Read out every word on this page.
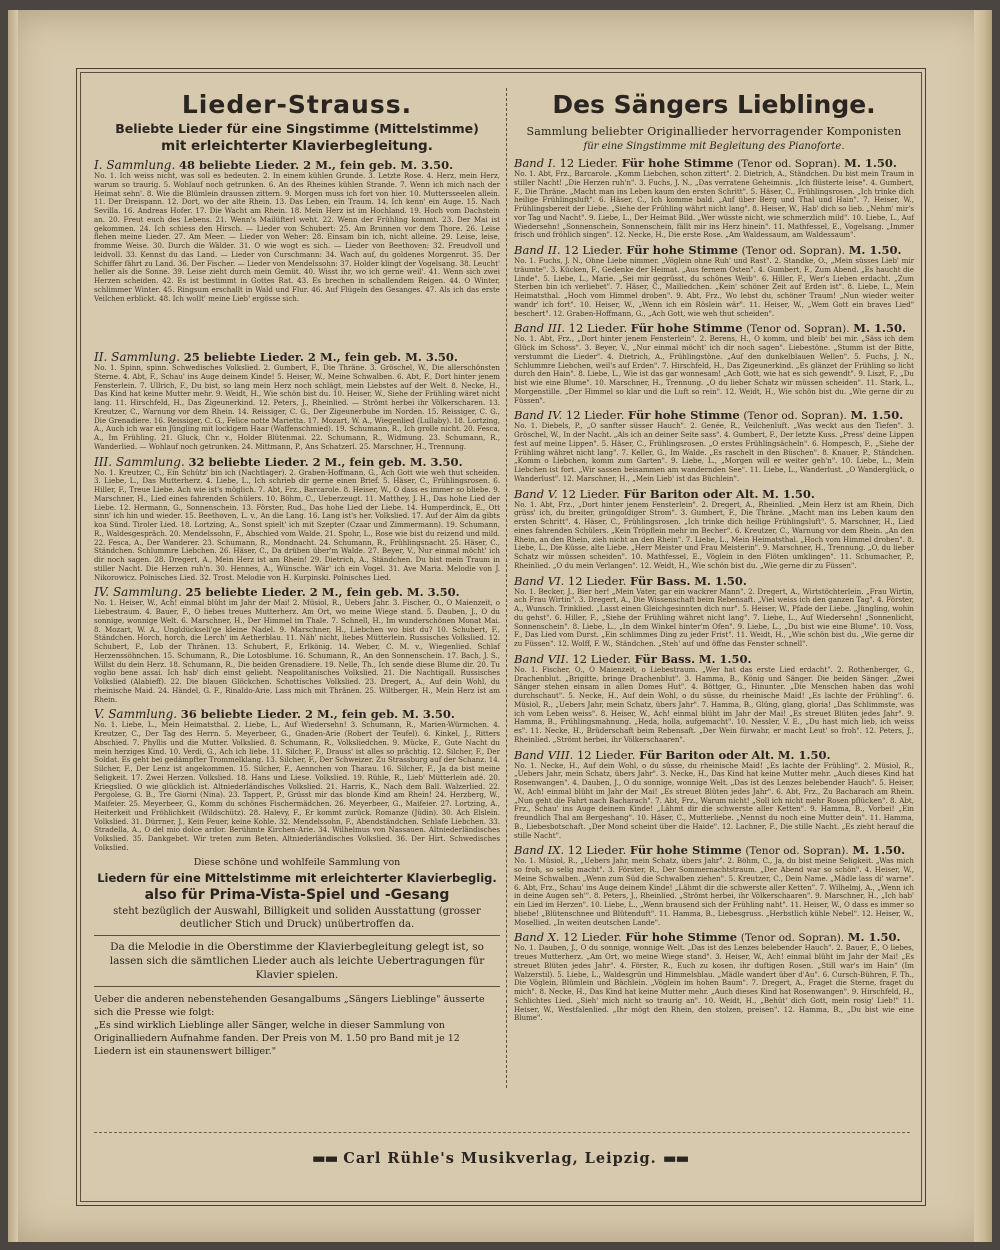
Lieder-Strauss.
Beliebte Lieder für eine Singstimme (Mittelstimme)
mit erleichterter Klavierbegleitung.
I. Sammlung. 48 beliebte Lieder. 2 M., fein geb. M. 3.50.
No. 1. Ich weiss nicht, was soll es bedeuten. 2. In einem kühlen Grunde. 3. Letzte Rose. 4. Herz, mein Herz, warum so traurig. 5. Wohlauf noch getrunken. 6. An des Rheines kühlen Strande. 7. Wenn ich mich nach der Heimat sehn'. 8. Wie die Blümlein draussen zittern. 9. Morgen muss ich fort von hier. 10. Muttersseelen allein. 11. Der Dreispann. 12. Dort, wo der alte Rhein. 13. Das Leben, ein Traum. 14. Ich kenn' ein Auge. 15. Nach Sevilla. 16. Andreas Hofer. 17. Die Wacht am Rhein. 18. Mein Herz ist im Hochland. 19. Hoch vom Dachstein an. 20. Freut euch des Lebens. 21. Wenn's Mailüfterl weht. 22. Wenn der Frühling kommt. 23. Der Mai ist gekommen. 24. Ich schiess den Hirsch. — Lieder von Schubert: 25. Am Brunnen vor dem Thore. 26. Leise flehen meine Lieder. 27. Am Meer. — Lieder von Weber: 28. Einsam bin ich, nicht alleine. 29. Leise, leise, fromme Weise. 30. Durch die Wälder. 31. O wie wogt es sich. — Lieder von Beethoven: 32. Freudvoll und leidvoll. 33. Kennst du das Land. — Lieder von Curschmann: 34. Wach auf, du goldenes Morgenrot. 35. Der Schiffer fährt zu Land. 36. Der Fischer. — Lieder von Mendelssohn: 37. Holder klingt der Vogelsang. 38. Leucht' heller als die Sonne. 39. Leise zieht durch mein Gemüt. 40. Wisst ihr, wo ich gerne weil'. 41. Wenn sich zwei Herzen scheiden. 42. Es ist bestimmt in Gottes Rat. 43. Es brechen in schallendem Reigen. 44. O Winter, schlimmer Winter. 45. Ringsum erschallt in Wald und Flur. 46. Auf Flügeln des Gesanges. 47. Als ich das erste Veilchen erblickt. 48. Ich wollt' meine Lieb' ergösse sich.
II. Sammlung. 25 beliebte Lieder. 2 M., fein geb. M. 3.50.
No. 1. Spinn, spinn. Schwedisches Volkslied. 2. Gumbert, F., Die Thräne. 3. Gröschel, W., Die allerschönsten Sterne. 4. Abt, F., Schau' ins Auge deinem Kinde! 5. Heiser, W., Meine Schwalben. 6. Abt, F., Dort hinter jenem Fensterlein. 7. Ullrich, F., Du bist, so lang mein Herz noch schlägt, mein Liebstes auf der Welt. 8. Necke, H., Das Kind hat keine Mutter mehr. 9. Weidt, H., Wie schön bist du. 10. Heiser, W., Siehe der Frühling wäret nicht lang. 11. Hirschfeld, H., Das Zigeunerkind. 12. Peters, J., Rheinlied. — Strömt herbei ihr Völkerscharen. 13. Kreutzer, C., Warnung vor dem Rhein. 14. Reissiger, C. G., Der Zigeunerbube im Norden. 15. Reissiger, C. G., Die Grenadiere. 16. Reissiger, C. G., Felice notte Marietta. 17. Mozart, W. A., Wiegenlied (Lullaby). 18. Lortzing, A., Auch ich war ein Jüngling mit lockigem Haar (Waffenschmied). 19. Schumann, R., Ich grolle nicht. 20. Fesca, A., Im Frühling. 21. Gluck, Chr. v., Holder Blütenmai. 22. Schumann, R., Widmung. 23. Schumann, R., Wanderlied. — Wohlauf noch getrunken. 24. Mittmann, P., Ans Schatzerl. 25. Marschner, H., Trennung.
III. Sammlung. 32 beliebte Lieder. 2 M., fein geb. M. 3.50.
No. 1. Kreutzer, C., Ein Schütz' bin ich (Nachtlager). 2. Graben-Hoffmann, G., Ach Gott wie weh thut scheiden. 3. Liebe, L., Das Mutterherz. 4. Liebe, L., Ich schrieb dir gerne einen Brief. 5. Häser, C., Frühlingsrosen. 6. Hiller, F., Treue Liebe. Ach wie ist's möglich. 7. Abt, Frz., Barcarole. 8. Heiser, W., O dass es immer so bliebe. 9. Marschner, H., Lied eines fahrenden Schülers. 10. Böhm, C., Ueberzeugt. 11. Matthey, J. H., Das hohe Lied der Liebe. 12. Hermann, G., Sonnenschein. 13. Förster, Rud., Das hohe Lied der Liebe. 14. Humperdinck, E., Ott sinn' ich hin und wieder. 15. Beethoven, L. v., An die Lang. 16. Lang ist's her. Volkslied. 17. Auf der Alm da gibts koa Sünd. Tiroler Lied. 18. Lortzing, A., Sonst spielt' ich mit Szepter (Czaar und Zimmermann). 19. Schumann, R., Waldesgespräch. 20. Mendelssohn, F., Abschied vom Walde. 21. Spohr, L., Rose wie bist du reizend und mild. 22. Fesca, A., Der Wanderer. 23. Schumann, R., Mondnacht. 24. Schumann, R., Frühlingsnacht. 25. Häser, C., Ständchen. Schlummre Liebchen. 26. Häser, C., Da drüben über'm Walde. 27. Beyer, V., Nur einmal möcht' ich dir noch sagen. 28. Dregert, A., Mein Herz ist am Rhein! 29. Dietrich, A., Ständchen. Du bist mein Traum in stiller Nacht. Die Herzen ruh'n. 30. Hennes, A., Wünsche. Wär' ich ein Vogel. 31. Ave Maria. Melodie von J. Nikorowicz. Polnisches Lied. 32. Trost. Melodie von H. Kurpinski. Polnisches Lied.
IV. Sammlung. 25 beliebte Lieder. 2 M., fein geb. M. 3.50.
No. 1. Heiser, W., Ach! einmal blüht im Jahr der Mai! 2. Müsiol, R., Uebers Jahr. 3. Fischer, O., O Maienzeit, o Liebestraum. 4. Bauer, F., O liebes treues Mutterherz. Am Ort, wo meine Wiege stand. 5. Dauben, J., O du sonnige, wonnige Welt. 6. Marschner, H., Der Himmel im Thale. 7. Schnell, H., Im wunderschönen Monat Mai. 8. Mozart, W. A., Ungldückseli'ge kleine Nadel. 9. Marschner, H., Liebchen wo bist du? 10. Schubert, F., Ständchen. Horch, horch, die Lerch' im Aetherblau. 11. Näh' nicht, liebes Mütterlein. Russisches Volkslied. 12. Schubert, F., Lob der Thränen. 13. Schubert, F., Erlkönig. 14. Weber, C. M. v., Wiegenlied. Schlaf Herzenssöhnchen. 15. Schumann, R., Die Lotosblume. 16. Schumann, R., An den Sonnenschein. 17. Bach, J. S., Willst du dein Herz. 18. Schumann, R., Die beiden Grenadiere. 19. Nelle, Th., Ich sende diese Blume dir. 20. Tu voglio bene assai. Ich hab' dich einst geliebt. Neapolitanisches Volkslied. 21. Die Nachtigall. Russisches Volkslied (Alabieff). 22. Die blauen Glöckchen. Schottisches Volkslied. 23. Dregert, A., Auf dein Wohl, du rheinische Maid. 24. Händel, G. F., Rinaldo-Arie. Lass mich mit Thränen. 25. Wiltberger, H., Mein Herz ist am Rhein.
V. Sammlung. 36 beliebte Lieder. 2 M., fein geb. M. 3.50.
No. 1. Liebe, L., Mein Heimatsthal. 2. Liebe, L., Auf Wiedersehn! 3. Schumann, R., Marien-Würmchen. 4. Kreutzer, C., Der Tag des Herrn. 5. Meyerbeer, G., Gnaden-Arie (Robert der Teufel). 6. Kinkel, J., Ritters Abschied. 7. Phyllis und die Mutter. Volkslied. 8. Schumann, R., Volksliedchen. 9. Mücke, F., Gute Nacht du mein herziges Kind. 10. Verdi, G., Ach ich liebe. 11. Silcher, F., Drauss' ist alles so prächtig. 12. Silcher, F., Der Soldat. Es geht bei gedämpfter Trommelklang. 13. Silcher, F., Der Schweizer. Zu Strassburg auf der Schanz. 14. Silcher, F., Der Lenz ist angekommen. 15. Silcher, F., Aennchen von Tharau. 16. Silcher, F., Ja da bist meine Seligkeit. 17. Zwei Herzen. Volkslied. 18. Hans und Liese. Volkslied. 19. Rühle, R., Lieb' Mütterlein adé. 20. Kriegslied. O wie glücklich ist. Altniederländisches Volkslied. 21. Harris, K., Nach dem Ball. Walzerlied. 22. Pergolese, G. B., Tre Giorni (Nina). 23. Tappert, P., Grüsst mir das blonde Kind am Rhein! 24. Herzberg, W., Maifeier. 25. Meyerbeer, G., Komm du schönes Fischermädchen. 26. Meyerbeer, G., Maifeier. 27. Lortzing, A., Heiterkeit und Fröhlichkeit (Wildschütz). 28. Halevy, F., Er kommt zurück. Romanze (Jüdin). 30. Ach Elslein. Volkslied. 31. Dürrner, J., Kein Feuer, keine Kohle. 32. Mendelssohn, F., Abendständchen. Schlafe Liebchen. 33. Stradella, A., O del mio dolce ardor. Berühmte Kirchen-Arie. 34. Wilhelmus von Nassauen. Altniederländisches Volkslied. 35. Dankgebet. Wir treten zum Beten. Altniederländisches Volkslied. 36. Der Hirt. Schwedisches Volkslied.
Diese schöne und wohlfeile Sammlung von
Liedern für eine Mittelstimme mit erleichterter Klavierbeglig.
also für Prima-Vista-Spiel und -Gesang
steht bezüglich der Auswahl, Billigkeit und soliden Ausstattung (grosser deutlicher Stich und Druck) unübertroffen da.
Da die Melodie in die Oberstimme der Klavierbegleitung gelegt ist, so lassen sich die sämtlichen Lieder auch als leichte Uebertragungen für Klavier spielen.
Ueber die anderen nebenstehenden Gesangalbums „Sängers Lieblinge" äusserte sich die Presse wie folgt:
„Es sind wirklich Lieblinge aller Sänger, welche in dieser Sammlung von Originalliedern Aufnahme fanden. Der Preis von M. 1.50 pro Band mit je 12 Liedern ist ein staunenswert billiger."
Des Sängers Lieblinge.
Sammlung beliebter Originallieder hervorragender Komponisten
für eine Singstimme mit Begleitung des Pianoforte.
Band I. 12 Lieder. Für hohe Stimme (Tenor od. Sopran). M. 1.50.
No. 1. Abt, Frz., Barcarole. „Komm Liebchen, schon zittert". 2. Dietrich, A., Ständchen. Du bist mein Traum in stiller Nacht! „Die Herzen ruh'n". 3. Fuchs, J. N., „Das verratene Geheimnis. „Ich flüsterte leise". 4. Gumbert, F., Die Thräne. „Macht man ins Leben kaum den ersten Schritt". 5. Häser, C., Frühlingsrosen. „Ich trinke dich heilige Frühlingsluft". 6. Häser, C., Ich komme bald. „Auf über Berg und Thal und Hain". 7. Heiser, W., Frühlingsbereit der Liebe. „Siehe der Frühling währt nicht lang". 8. Heiser, W., Hab' dich so lieb. „Nehm' mir's vor Tag und Nacht". 9. Liebe, L., Der Heimat Bild. „Wer wüsste nicht, wie schmerzlich mild". 10. Liebe, L., Auf Wiedersehn! „Sonnenschein, Sonnenschein, fällt mir ins Herz hinein". 11. Mathfessel, E., Vogelsang. „Immer frisch und fröhlich singen". 12. Necke, H., Die erste Rose. „Am Waldessaum, am Waldessaum".
Band II. 12 Lieder. Für hohe Stimme (Tenor od. Sopran). M. 1.50.
No. 1. Fuchs, J. N., Ohne Liebe nimmer. „Vöglein ohne Ruh' und Rast". 2. Standke, O., „Mein süsses Lieb' mir träumte". 3. Kücken, F., Gedenke der Heimat. „Aus fernem Osten". 4. Gumbert, F., Zum Abend. „Es haucht die Linde". 5. Liebe, L., Marie. „Sei mir gegrüsst, du schönes Weib". 6. Hiller, F., Wer's Lieben erdacht. „Zum Sterben bin ich verliebet". 7. Häser, C., Mailiedchen. „Kein' schöner Zeit auf Erden ist". 8. Liebe, L., Mein Heimatsthal. „Hoch vom Himmel droben". 9. Abt, Frz., Wo lebst du, schöner Traum! „Nun wieder weiter wandr' ich fort". 10. Heiser, W., „Wenn ich ein Röslein wär". 11. Heiser, W., „Wem Gott ein braves Lied" beschert". 12. Graben-Hoffmann, G., „Ach Gott, wie weh thut scheiden".
Band III. 12 Lieder. Für hohe Stimme (Tenor od. Sopran). M. 1.50.
No. 1. Abt, Frz., „Dort hinter jenem Fensterlein". 2. Berens, H., O komm, und bleib' bei mir. „Säss ich dem Glück im Schoss". 3. Beyer, V., „Nur einmal möcht' ich dir noch sagen". Liebestöne. „Stumm ist der Bitte, verstummt die Lieder". 4. Dietrich, A., Frühlingstöne. „Auf den dunkelblauen Wellen". 5. Fuchs, J. N., Schlummre Liebchen, weil's auf Erden". 7. Hirschfeld, H., Das Zigeunerkind. „Es glänzet der Frühling so licht durch den Hain". 8. Liebe, L., Wie ist das gar wonnesam! „Ach Gott, wie hat es sich gewendt". 9. Liszt, F., „Du bist wie eine Blume". 10. Marschner, H., Trennung. „O du lieber Schatz wir müssen scheiden". 11. Stark, L., Morgenstille. „Der Himmel so klar und die Luft so rein". 12. Weidt, H., Wie schön bist du. „Wie gerne dir zu Füssen".
Band IV. 12 Lieder. Für hohe Stimme (Tenor od. Sopran). M. 1.50.
No. 1. Diebels, P., „O sanfter süsser Hauch". 2. Genée, R., Veilchenluft. „Was weckt aus den Tiefen". 3. Gröschel, W., In der Nacht. „Als ich an deiner Seite sass". 4. Gumbert, F., Der letzte Kuss. „Press' deine Lippen fest auf meine Lippen". 5. Häser, C., Frühlingsrosen. „O erstes Frühlingsächeln". 6. Hompesch, F., „Siehe der Frühling währet nicht lang". 7. Keller, G., Im Walde. „Es raschelt in den Büschen". 8. Knauer, P., Ständchen. „Komm o Liebchen, komm zum Garten". 9. Liebe, L., „Morgen will er weiter geh'n". 10. Liebe, L., Mein Liebchen ist fort. „Wir sassen beisammen am wandernden See". 11. Liebe, L., Wanderlust. „O Wanderglück, o Wanderlust". 12. Marschner, H., „Mein Lieb' ist das Büchlein".
Band V. 12 Lieder. Für Bariton oder Alt. M. 1.50.
No. 1. Abt, Frz., „Dort hinter jenem Fensterlein". 2. Dregert, A., Rheinlied. „Mein Herz ist am Rhein, Dich grüss' ich, du breiter, grüngoldiger Strom". 3. Gumbert, F., Die Thräne. „Macht man ins Leben kaum den ersten Schritt". 4. Häser, C., Frühlingsrosen. „Ich trinke dich heilige Frühlingsluft". 5. Marschner, H., Lied eines fahrenden Schülers. „Kein Tröpflein mehr im Becher". 6. Kreutzer, C., Warnung vor dem Rhein. „An den Rhein, an den Rhein, zieh nicht an den Rhein". 7. Liebe, L., Mein Heimatsthal. „Hoch vom Himmel droben". 8. Liebe, L., Die Küsse, alte Liebe. „Herr Meister und Frau Meisterin". 9. Marschner, H., Trennung. „O, du lieber Schatz wir müssen scheiden". 10. Mathfessel, E., Vöglein in den Flöten umklingen". 11. Schumacher, P., Rheinlied. „O du mein Verlangen". 12. Weidt, H., Wie schön bist du. „Wie gerne dir zu Füssen".
Band VI. 12 Lieder. Für Bass. M. 1.50.
No. 1. Becker, J., Bier her! „Mein Vater, gar ein wackrer Mann". 2. Dregert, A., Wirtstöchterlein. „Frau Wirtin, ach Frau Wirtin". 3. Dregert, A., Die Wissenschaft beim Rebensaft. „Viel weiss ich den ganzen Tag". 4. Förster, A., Wunsch. Trinklied. „Lasst einen Gleichgesinnten dich nur". 5. Heiser, W., Pfade der Liebe. „Jüngling, wohin du gehst". 6. Hiller, F., „Siehe der Frühling währet nicht lang". 7. Liebe, L., Auf Wiedersehn! „Sonnenlicht, Sonnenschein". 8. Liebe, L., „In dem Winkel hinter'm Ofen". 9. Liebe, L., „Du bist wie eine Blume". 10. Voss, F., Das Lied vom Durst. „Ein schlimmes Ding zu jeder Frist". 11. Weidt, H., „Wie schön bist du. „Wie gerne dir zu Füssen". 12. Wolff, F. W., Ständchen. „Steh' auf und öffne das Fenster schnell".
Band VII. 12 Lieder. Für Bass. M. 1.50.
No. 1. Fischer, O., O Maienzeit, o Liebestraum. „Wer hat das erste Lied erdacht". 2. Rothenberger, G., Drachenblut. „Brigitte, bringe Drachenblut". 3. Hamma, B., König und Sänger. Die beiden Sänger. „Zwei Sänger stehen einsam in allen Domes Hut". 4. Böttger, G., Hinunter. „Die Menschen haben das wohl durchschaut". 5. Necke, H., Auf dein Wohl, o du süsse, du rheinische Maid! „Es lachte der Frühling". 6. Müsiol, R., „Uebers Jahr, mein Schatz, übers Jahr". 7. Hamma, B., Glüng, glang, gloria! „Das Schlimmste, was ich vom Leben weiss". 8. Heiser, W., Ach! einmal blüht im Jahr der Mai! „Es streuet Blüten jedes Jahr". 9. Hamma, B., Frühlingsmahnung. „Heda, holla, aufgemacht". 10. Nessler, V. E., „Du hast mich lieb, ich weiss es". 11. Necke, H., Brüderschaft beim Rebensaft. „Der Wein fürwahr, er macht Leut' so froh". 12. Peters, J., Rheinlied. „Strömt herbei, ihr Völkerschaaren".
Band VIII. 12 Lieder. Für Bariton oder Alt. M. 1.50.
No. 1. Necke, H., Auf dein Wohl, o du süsse, du rheinische Maid! „Es lachte der Frühling". 2. Müsiol, R., „Uebers Jahr, mein Schatz, übers Jahr". 3. Necke, H., Das Kind hat keine Mutter mehr. „Auch dieses Kind hat Rosenwangen". 4. Dauben, J., O du sonnige, wonnige Welt. „Das ist des Lenzes belebender Hauch". 5. Heiser, W., Ach! einmal blüht im Jahr der Mai! „Es streuet Blüten jedes Jahr". 6. Abt, Frz., Zu Bacharach am Rhein. „Nun geht die Fahrt nach Bacharach". 7. Abt, Frz., Warum nicht! „Soll ich nicht mehr Rosen pflücken". 8. Abt, Frz., Schau' ins Auge deinem Kinde! „Lähmt dir die schwerste aller Ketten". 9. Hamma, B., Vorbei! „Ein freundlich Thal am Bergeshang". 10. Häser, C., Mutterliebe. „Nennst du noch eine Mutter dein". 11. Hamma, B., Liebesbotschaft. „Der Mond scheint über die Haide". 12. Lachner, F., Die stille Nacht. „Es zieht herauf die stille Nacht".
Band IX. 12 Lieder. Für hohe Stimme (Tenor od. Sopran). M. 1.50.
No. 1. Müsiol, R., „Uebers Jahr, mein Schatz, übers Jahr". 2. Böhm, C., Ja, du bist meine Seligkeit. „Was mich so froh, so selig macht". 3. Förster, R., Der Sommernachtstraum. „Der Abend war so schön". 4. Heiser, W., Meine Schwalben. „Wenn zum Süd die Schwalben ziehen". 5. Kreutzer, C., Dein Name. „Mädle lass di' warne". 6. Abt, Frz., Schau' ins Auge deinem Kinde! „Lähmt dir die schwerste aller Ketten". 7. Wilhelmj, A., „Wenn ich in deine Augen seh'". 8. Peters, J., Rheinlied. „Strömt herbei, ihr Völkerschaaren". 9. Marschner, H., „Ich hab' ein Lied im Herzen". 10. Liebe, L., „Wenn brausend sich der Frühling naht". 11. Heiser, W., O dass es immer so bliebe! „Blütenschnee und Blütenduft". 11. Hamma, B., Liebesgruss. „Herbstlich kühle Nebel". 12. Heiser, W., Mosellied. „In weiten deutschen Lande".
Band X. 12 Lieder. Für hohe Stimme (Tenor od. Sopran). M. 1.50.
No. 1. Dauben, J., O du sonnige, wonnige Welt. „Das ist des Lenzes belebender Hauch". 2. Bauer, F., O liebes, treues Mutterherz. „Am Ort, wo meine Wiege stand". 3. Heiser, W., Ach! einmal blüht im Jahr der Mai! „Es streuet Blüten jedes Jahr". 4. Förster, R., Euch zu kosen, ihr duftigen Rosen. „Still war's im Hain" (Im Walzerstil). 5. Liebe, L., Waldesgrün und Himmelsblau. „Mädle wandert über d'Au". 6. Cursch-Bühren, F. Th., Die Vöglein, Blümlein und Bächlein. „Vöglein im hohen Baum". 7. Dregert, A., Fraget die Sterne, fraget du mich". 8. Necke, H., Das Kind hat keine Mutter mehr. „Auch dieses Kind hat Rosenwangen". 9. Hirschfeld, H., Schlichtes Lied. „Sieh' mich nicht so traurig an". 10. Weidt, H., „Behüt' dich Gott, mein rosig' Lieb!" 11. Heiser, W., Westfalenlied. „Ihr mögt den Rhein, den stolzen, preisen". 12. Hamma, B., „Du bist wie eine Blume".
▬▬ Carl Rühle's Musikverlag, Leipzig. ▬▬
